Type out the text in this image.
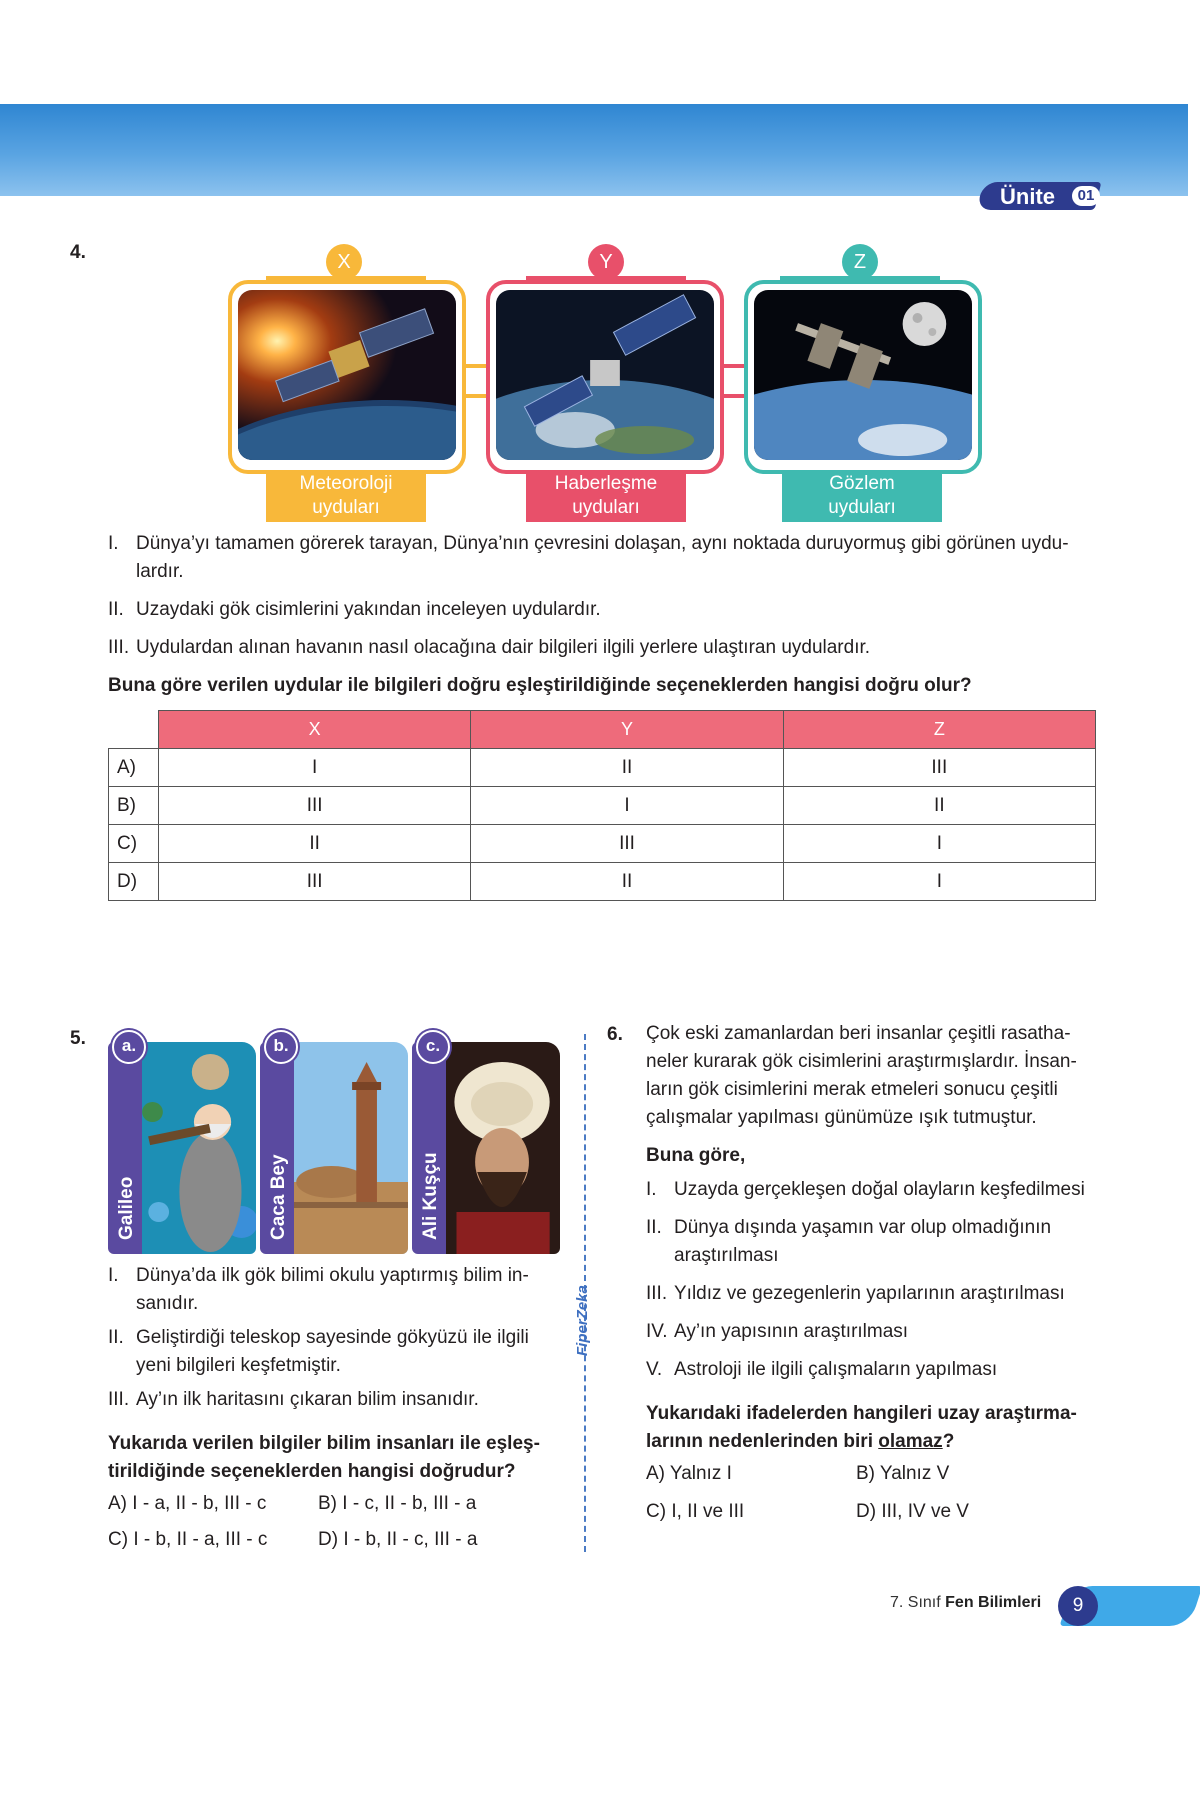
Ünite	01
4.	X
Meteoroloji
uyduları
Y
Haberleşme
uyduları
Z
Gözlem
uyduları
I. Dünya’yı tamamen görerek tarayan, Dünya’nın çevresini dolaşan, aynı noktada duruyormuş gibi görünen uydu-
lardır.
II. Uzaydaki gök cisimlerini yakından inceleyen uydulardır.
III. Uydulardan alınan havanın nasıl olacağına dair bilgileri ilgili yerlere ulaştıran uydulardır.
Buna göre verilen uydular ile bilgileri doğru eşleştirildiğinde seçeneklerden hangisi doğru olur?
	X	Y	Z
A)	I	II	III
B)	III	I	II
C)	II	III	I
D)	III	II	I
5.
Galileo
a.
Caca Bey
b.
Ali Kuşçu
c.
I. Dünya’da ilk gök bilimi okulu yaptırmış bilim in-
sanıdır.
II. Geliştirdiği teleskop sayesinde gökyüzü ile ilgili
yeni bilgileri keşfetmiştir.
III. Ay’ın ilk haritasını çıkaran bilim insanıdır.
Yukarıda verilen bilgiler bilim insanları ile eşleş-
tirildiğinde seçeneklerden hangisi doğrudur?
A) I - a, II - b, III - c	B) I - c, II - b, III - a
C) I - b, II - a, III - c	D) I - b, II - c, III - a
FiperZeka
6. Çok eski zamanlardan beri insanlar çeşitli rasatha-
neler kurarak gök cisimlerini araştırmışlardır. İnsan-
ların gök cisimlerini merak etmeleri sonucu çeşitli
çalışmalar yapılması günümüze ışık tutmuştur.
Buna göre,
I. Uzayda gerçekleşen doğal olayların keşfedilmesi
II. Dünya dışında yaşamın var olup olmadığının
araştırılması
III. Yıldız ve gezegenlerin yapılarının araştırılması
IV. Ay’ın yapısının araştırılması
V. Astroloji ile ilgili çalışmaların yapılması
Yukarıdaki ifadelerden hangileri uzay araştırma-
larının nedenlerinden biri olamaz?
A) Yalnız I	B) Yalnız V
C) I, II ve III	D) III, IV ve V
7. Sınıf Fen Bilimleri	9
